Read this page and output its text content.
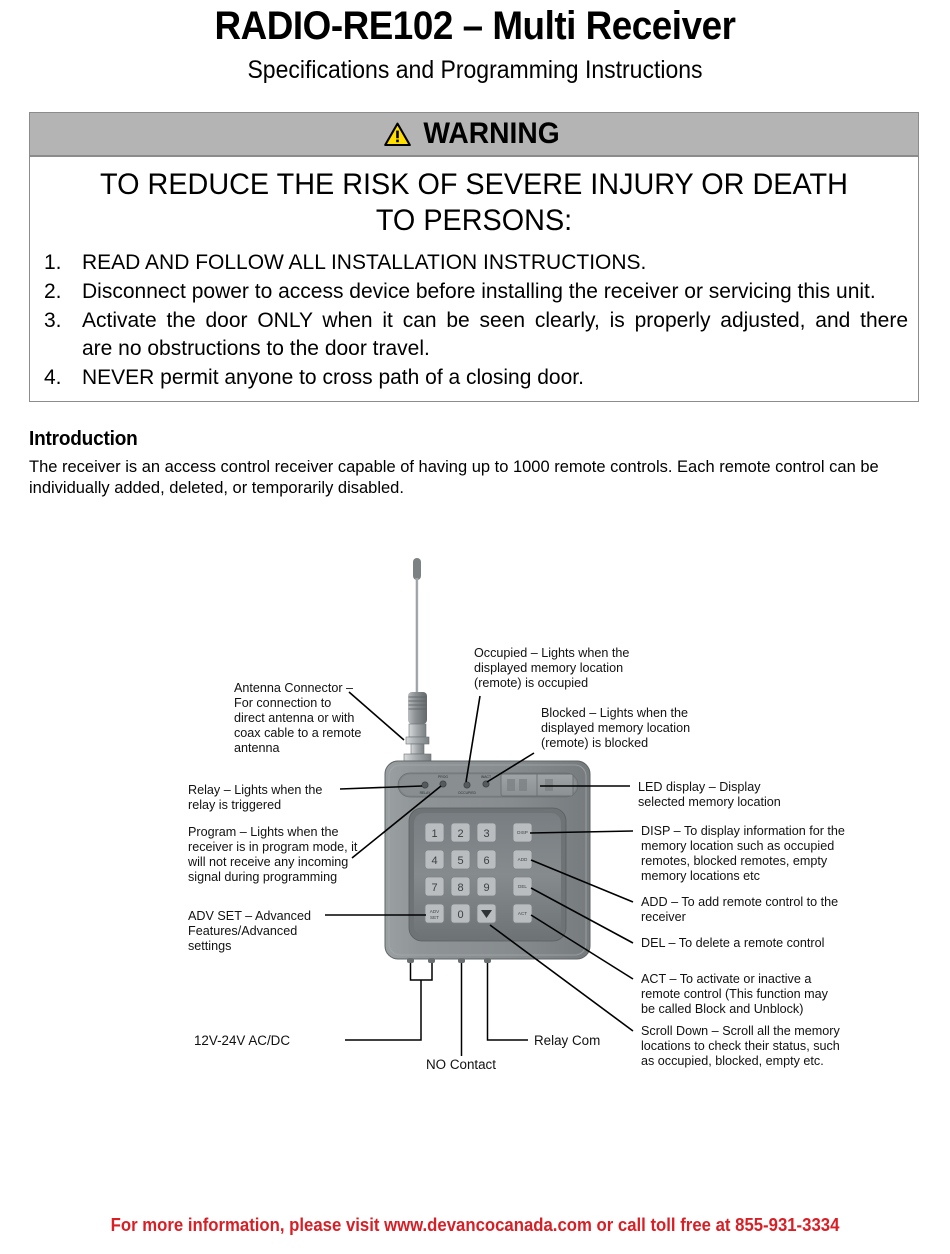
RADIO-RE102 – Multi Receiver
Specifications and Programming Instructions
WARNING
TO REDUCE THE RISK OF SEVERE INJURY OR DEATH TO PERSONS:
1. READ AND FOLLOW ALL INSTALLATION INSTRUCTIONS.
2. Disconnect power to access device before installing the receiver or servicing this unit.
3. Activate the door ONLY when it can be seen clearly, is properly adjusted, and there
are no obstructions to the door travel.
4. NEVER permit anyone to cross path of a closing door.
Introduction
The receiver is an access control receiver capable of having up to 1000 remote controls. Each remote control can be
individually added, deleted, or temporarily disabled.
RELAY
PROG
OCCUPIED
INACT
1 2 3	DISP
4 5 6	ADD
7 8 9	DEL
ADV
SET 0	ACT
Antenna Connector –
For connection to
direct antenna or with
coax cable to a remote
antenna
Relay – Lights when the
relay is triggered
Program – Lights when the
receiver is in program mode, it
will not receive any incoming
signal during programming
ADV SET – Advanced
Features/Advanced
settings
Occupied – Lights when the
displayed memory location
(remote) is occupied
Blocked – Lights when the
displayed memory location
(remote) is blocked
LED display – Display
selected memory location
DISP – To display information for the
memory location such as occupied
remotes, blocked remotes, empty
memory locations etc
ADD – To add remote control to the
receiver
DEL – To delete a remote control
ACT – To activate or inactive a
remote control (This function may
be called Block and Unblock)
Scroll Down – Scroll all the memory
locations to check their status, such
as occupied, blocked, empty etc.
12V-24V AC/DC
NO Contact
Relay Com
For more information, please visit www.devancocanada.com or call toll free at 855-931-3334
